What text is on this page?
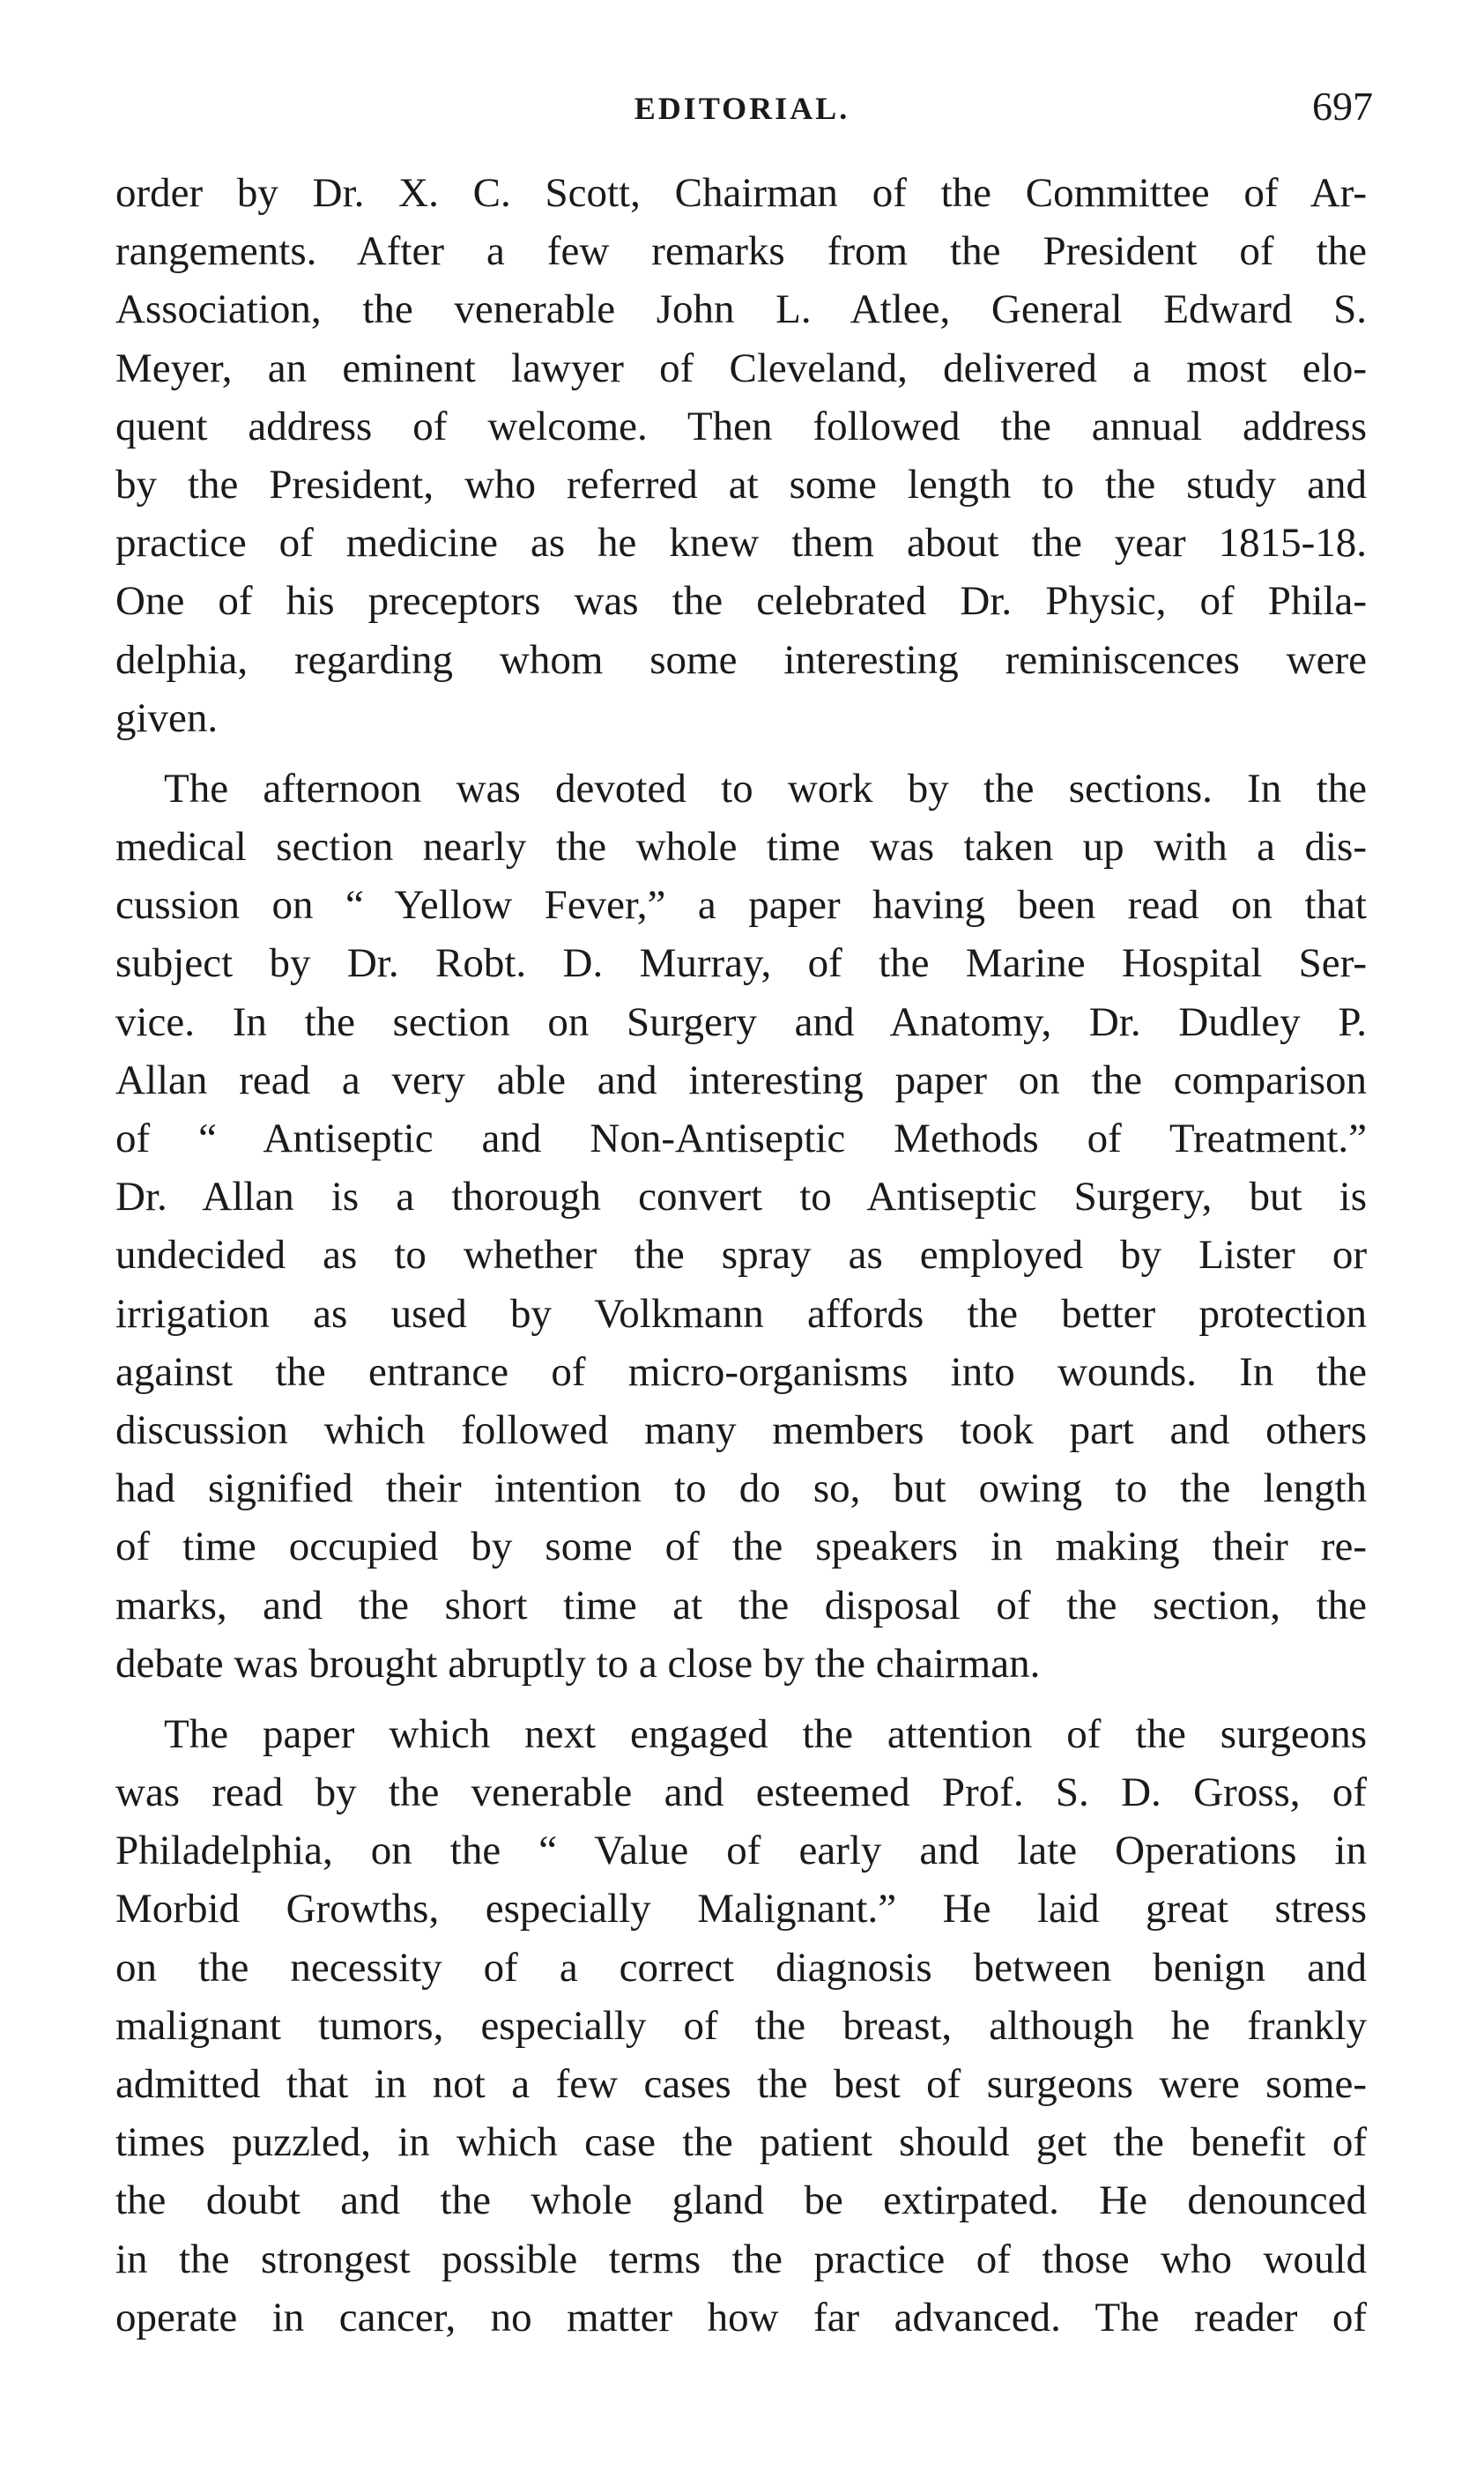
EDITORIAL.	697
order by Dr. X. C. Scott, Chairman of the Committee of Ar-
rangements. After a few remarks from the President of the
Association, the venerable John L. Atlee, General Edward S.
Meyer, an eminent lawyer of Cleveland, delivered a most elo-
quent address of welcome. Then followed the annual address
by the President, who referred at some length to the study and
practice of medicine as he knew them about the year 1815-18.
One of his preceptors was the celebrated Dr. Physic, of Phila-
delphia, regarding whom some interesting reminiscences were
given.
The afternoon was devoted to work by the sections. In the
medical section nearly the whole time was taken up with a dis-
cussion on “ Yellow Fever,” a paper having been read on that
subject by Dr. Robt. D. Murray, of the Marine Hospital Ser-
vice. In the section on Surgery and Anatomy, Dr. Dudley P.
Allan read a very able and interesting paper on the comparison
of “ Antiseptic and Non-Antiseptic Methods of Treatment.”
Dr. Allan is a thorough convert to Antiseptic Surgery, but is
undecided as to whether the spray as employed by Lister or
irrigation as used by Volkmann affords the better protection
against the entrance of micro-organisms into wounds. In the
discussion which followed many members took part and others
had signified their intention to do so, but owing to the length
of time occupied by some of the speakers in making their re-
marks, and the short time at the disposal of the section, the
debate was brought abruptly to a close by the chairman.
The paper which next engaged the attention of the surgeons
was read by the venerable and esteemed Prof. S. D. Gross, of
Philadelphia, on the “ Value of early and late Operations in
Morbid Growths, especially Malignant.” He laid great stress
on the necessity of a correct diagnosis between benign and
malignant tumors, especially of the breast, although he frankly
admitted that in not a few cases the best of surgeons were some-
times puzzled, in which case the patient should get the benefit of
the doubt and the whole gland be extirpated. He denounced
in the strongest possible terms the practice of those who would
operate in cancer, no matter how far advanced. The reader of
